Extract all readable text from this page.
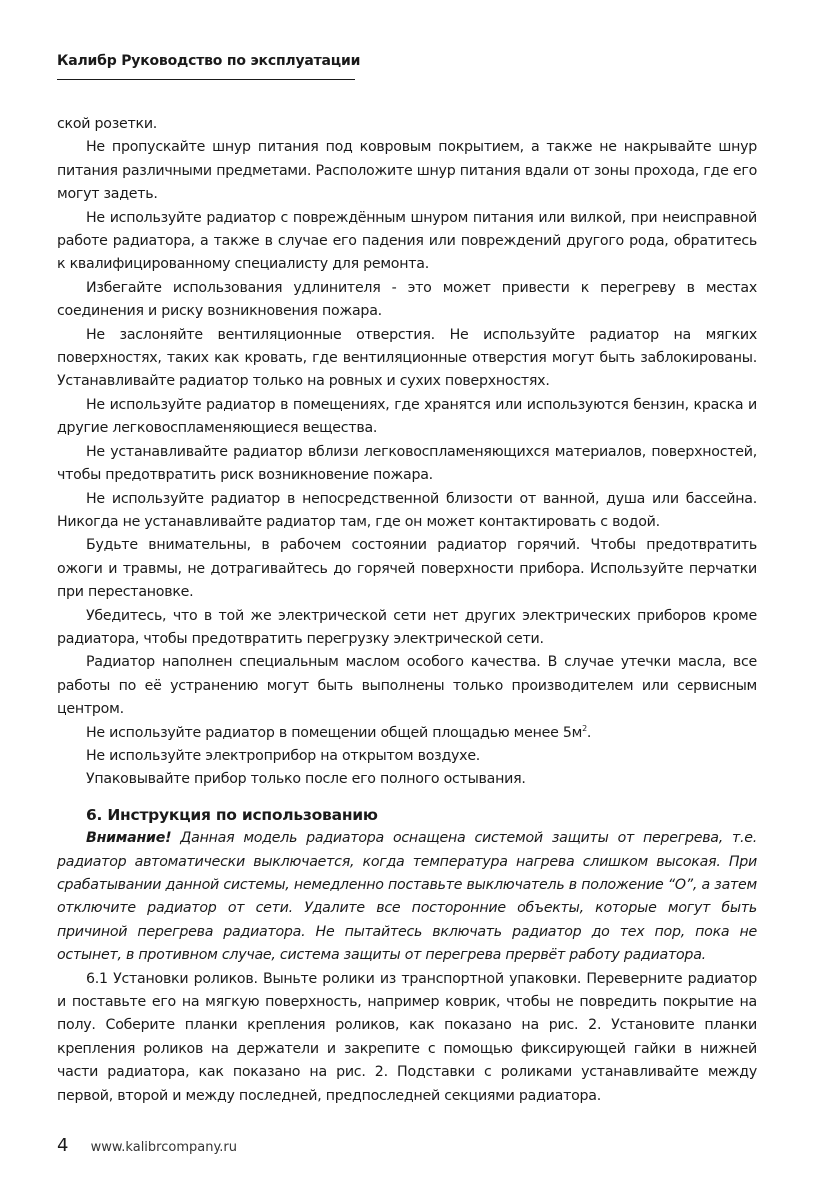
Калибр Руководство по эксплуатации

ской розетки.

Не пропускайте шнур питания под ковровым покрытием, а также не накрывайте шнур питания различными предметами. Расположите шнур питания вдали от зоны прохода, где его могут задеть.

Не используйте радиатор с повреждённым шнуром питания или вилкой, при неисправной работе радиатора, а также в случае его падения или повреждений другого рода, обратитесь к квалифицированному специалисту для ремонта.

Избегайте использования удлинителя - это может привести к перегреву в местах соединения и риску возникновения пожара.

Не заслоняйте вентиляционные отверстия. Не используйте радиатор на мягких поверхностях, таких как кровать, где вентиляционные отверстия могут быть заблокированы. Устанавливайте радиатор только на ровных и сухих поверхностях.

Не используйте радиатор в помещениях, где хранятся или используются бензин, краска и другие легковоспламеняющиеся вещества.

Не устанавливайте радиатор вблизи легковоспламеняющихся материалов, поверхностей, чтобы предотвратить риск возникновение пожара.

Не используйте радиатор в непосредственной близости от ванной, душа или бассейна. Никогда не устанавливайте радиатор там, где он может контактировать с водой.

Будьте внимательны, в рабочем состоянии радиатор горячий. Чтобы предотвратить ожоги и травмы, не дотрагивайтесь до горячей поверхности прибора. Используйте перчатки при перестановке.

Убедитесь, что в той же электрической сети нет других электрических приборов кроме радиатора, чтобы предотвратить перегрузку электрической сети.

Радиатор наполнен специальным маслом особого качества. В случае утечки масла, все работы по её устранению могут быть выполнены только производителем или сервисным центром.

Не используйте радиатор в помещении общей площадью менее $5м^2$.

Не используйте электроприбор на открытом воздухе.

Упаковывайте прибор только после его полного остывания.

6. Инструкция по использованию

Внимание! Данная модель радиатора оснащена системой защиты от перегрева, т.е. радиатор автоматически выключается, когда температура нагрева слишком высокая. При срабатывании данной системы, немедленно поставьте выключатель в положение “О”, а затем отключите радиатор от сети. Удалите все посторонние объекты, которые могут быть причиной перегрева радиатора. Не пытайтесь включать радиатор до тех пор, пока не остынет, в противном случае, система защиты от перегрева прервёт работу радиатора.

6.1 Установки роликов. Выньте ролики из транспортной упаковки. Переверните радиатор и поставьте его на мягкую поверхность, например коврик, чтобы не повредить покрытие на полу. Соберите планки крепления роликов, как показано на рис. 2. Установите планки крепления роликов на держатели и закрепите с помощью фиксирующей гайки в нижней части радиатора, как показано на рис. 2. Подставки с роликами устанавливайте между первой, второй и между последней, предпоследней секциями радиатора.

4 www.kalibrcompany.ru
